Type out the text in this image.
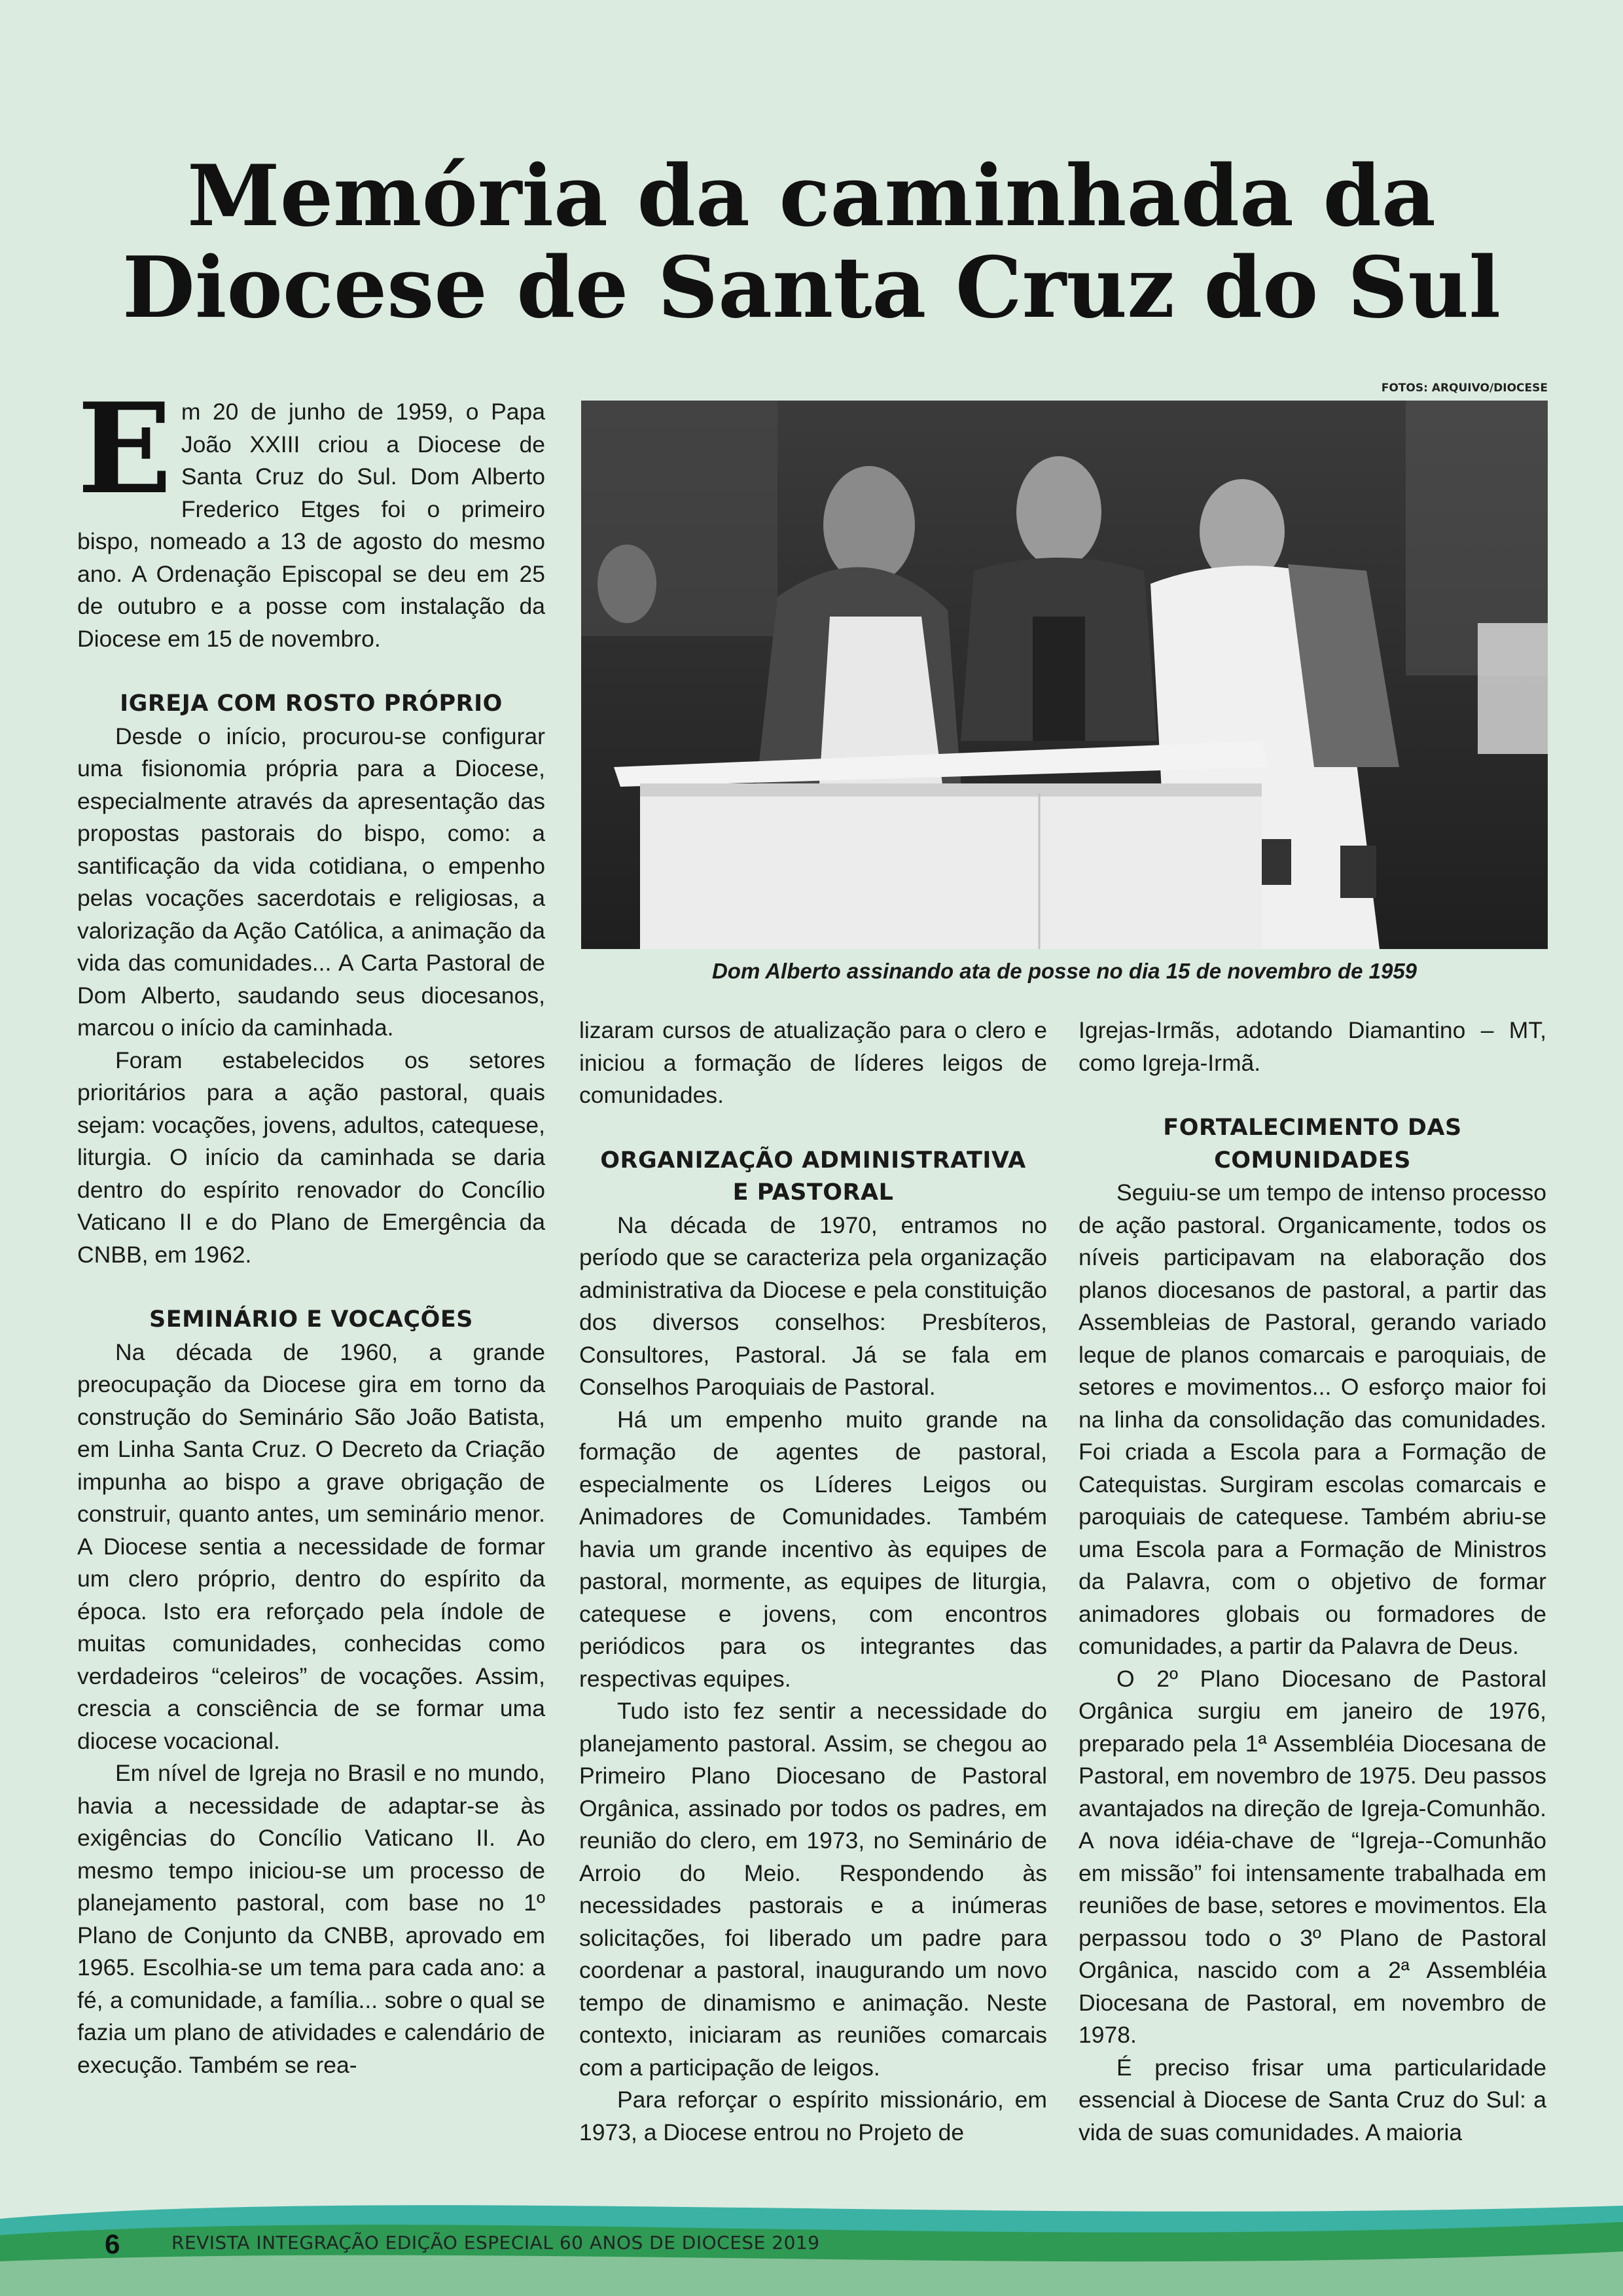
Memória da caminhada da
Diocese de Santa Cruz do Sul
FOTOS: ARQUIVO/DIOCESE
Dom Alberto assinando ata de posse no dia 15 de novembro de 1959

Em 20 de junho de 1959, o Papa João XXIII criou a Diocese de Santa Cruz do Sul. Dom Alberto Frederico Etges foi o primeiro bispo, nomeado a 13 de agosto do mesmo ano. A Ordenação Episcopal se deu em 25 de outubro e a posse com instalação da Diocese em 15 de novembro.

IGREJA COM ROSTO PRÓPRIO

Desde o início, procurou-se configurar uma fisionomia própria para a Diocese, especialmente através da apresentação das propostas pastorais do bispo, como: a santificação da vida cotidiana, o empenho pelas vocações sacerdotais e religiosas, a valorização da Ação Católica, a animação da vida das comunidades... A Carta Pastoral de Dom Alberto, saudando seus diocesanos, marcou o início da caminhada.

Foram estabelecidos os setores prioritários para a ação pastoral, quais sejam: vocações, jovens, adultos, catequese, liturgia. O início da caminhada se daria dentro do espírito renovador do Concílio Vaticano II e do Plano de Emergência da CNBB, em 1962.

SEMINÁRIO E VOCAÇÕES

Na década de 1960, a grande preocupação da Diocese gira em torno da construção do Seminário São João Batista, em Linha Santa Cruz. O Decreto da Criação impunha ao bispo a grave obrigação de construir, quanto antes, um seminário menor. A Diocese sentia a necessidade de formar um clero próprio, dentro do espírito da época. Isto era reforçado pela índole de muitas comunidades, conhecidas como verdadeiros “celeiros” de vocações. Assim, crescia a consciência de se formar uma diocese vocacional.

Em nível de Igreja no Brasil e no mundo, havia a necessidade de adaptar-se às exigências do Concílio Vaticano II. Ao mesmo tempo iniciou-se um processo de planejamento pastoral, com base no 1º Plano de Conjunto da CNBB, aprovado em 1965. Escolhia-se um tema para cada ano: a fé, a comunidade, a família... sobre o qual se fazia um plano de atividades e calendário de execução. Também se rea-

lizaram cursos de atualização para o clero e iniciou a formação de líderes leigos de comunidades.

ORGANIZAÇÃO ADMINISTRATIVA
E PASTORAL

Na década de 1970, entramos no período que se caracteriza pela organização administrativa da Diocese e pela constituição dos diversos conselhos: Presbíteros, Consultores, Pastoral. Já se fala em Conselhos Paroquiais de Pastoral.

Há um empenho muito grande na formação de agentes de pastoral, especialmente os Líderes Leigos ou Animadores de Comunidades. Também havia um grande incentivo às equipes de pastoral, mormente, as equipes de liturgia, catequese e jovens, com encontros periódicos para os integrantes das respectivas equipes.

Tudo isto fez sentir a necessidade do planejamento pastoral. Assim, se chegou ao Primeiro Plano Diocesano de Pastoral Orgânica, assinado por todos os padres, em reunião do clero, em 1973, no Seminário de Arroio do Meio. Respondendo às necessidades pastorais e a inúmeras solicitações, foi liberado um padre para coordenar a pastoral, inaugurando um novo tempo de dinamismo e animação. Neste contexto, iniciaram as reuniões comarcais com a participação de leigos.

Para reforçar o espírito missionário, em 1973, a Diocese entrou no Projeto de

Igrejas-Irmãs, adotando Diamantino – MT, como Igreja-Irmã.

FORTALECIMENTO DAS COMUNIDADES

Seguiu-se um tempo de intenso processo de ação pastoral. Organicamente, todos os níveis participavam na elaboração dos planos diocesanos de pastoral, a partir das Assembleias de Pastoral, gerando variado leque de planos comarcais e paroquiais, de setores e movimentos... O esforço maior foi na linha da consolidação das comunidades. Foi criada a Escola para a Formação de Catequistas. Surgiram escolas comarcais e paroquiais de catequese. Também abriu-se uma Escola para a Formação de Ministros da Palavra, com o objetivo de formar animadores globais ou formadores de comunidades, a partir da Palavra de Deus.

O 2º Plano Diocesano de Pastoral Orgânica surgiu em janeiro de 1976, preparado pela 1ª Assembléia Diocesana de Pastoral, em novembro de 1975. Deu passos avantajados na direção de Igreja-Comunhão. A nova idéia-chave de “Igreja--Comunhão em missão” foi intensamente trabalhada em reuniões de base, setores e movimentos. Ela perpassou todo o 3º Plano de Pastoral Orgânica, nascido com a 2ª Assembléia Diocesana de Pastoral, em novembro de 1978.

É preciso frisar uma particularidade essencial à Diocese de Santa Cruz do Sul: a vida de suas comunidades. A maioria

6	REVISTA INTEGRAÇÃO EDIÇÃO ESPECIAL 60 ANOS DE DIOCESE 2019
